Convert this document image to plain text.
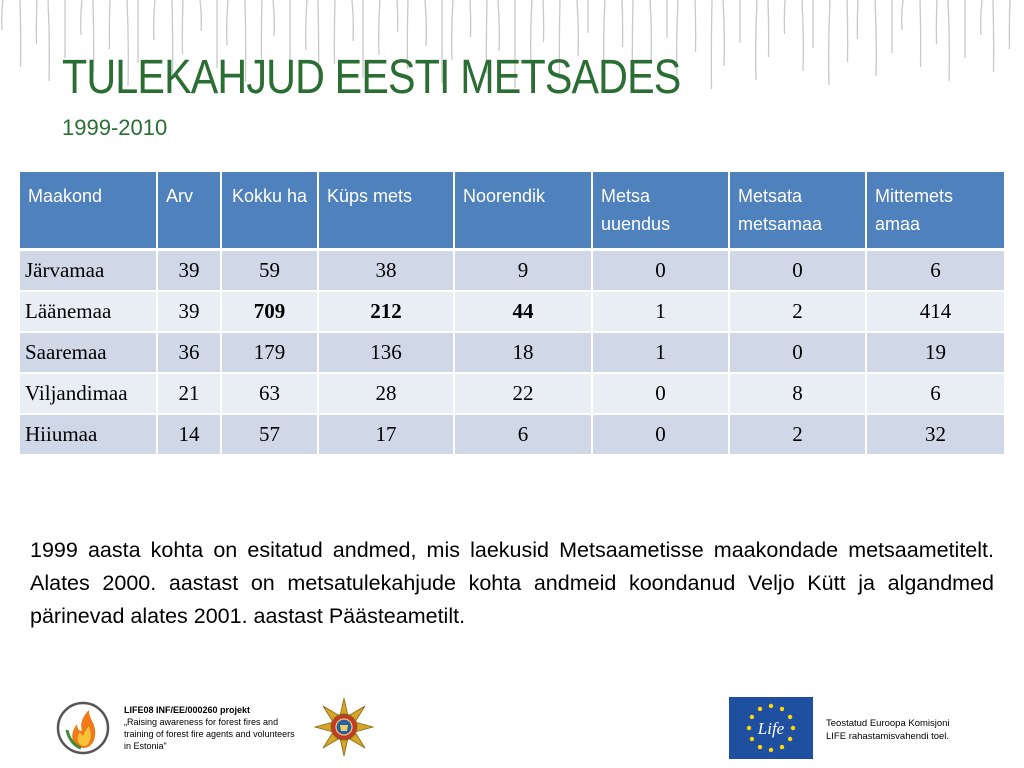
TULEKAHJUD EESTI METSADES
1999-2010
Maakond	Arv	Kokku ha	Küps mets	Noorendik	Metsa uuendus	Metsata metsamaa	Mittemets amaa
Järvamaa	39	59	38	9	0	0	6
Läänemaa	39	709	212	44	1	2	414
Saaremaa	36	179	136	18	1	0	19
Viljandimaa	21	63	28	22	0	8	6
Hiiumaa	14	57	17	6	0	2	32

1999 aasta kohta on esitatud andmed, mis laekusid Metsaametisse maakondade metsaametitelt. Alates 2000. aastast on metsatulekahjude kohta andmeid koondanud Veljo Kütt ja algandmed pärinevad alates 2001. aastast Päästeametilt.

LIFE08 INF/EE/000260 projekt
„Raising awareness for forest fires and training of forest fire agents and volunteers in Estonia"
Life	Teostatud Euroopa Komisjoni
LIFE rahastamisvahendi toel.
